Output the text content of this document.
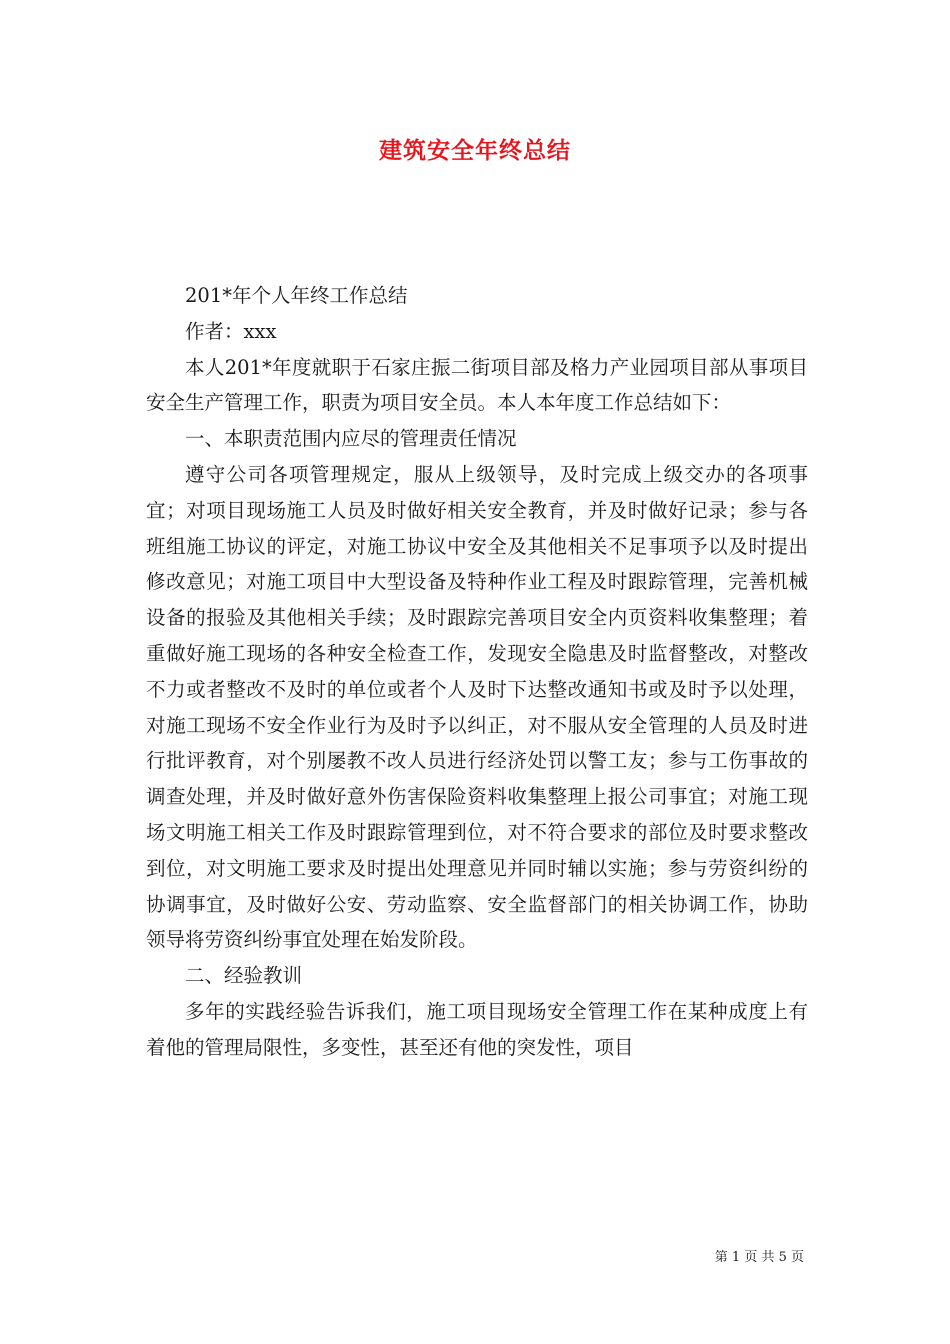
建筑安全年终总结

201*年个人年终工作总结

作者：xxx

本人201*年度就职于石家庄振二街项目部及格力产业园项目部从事项目安全生产管理工作，职责为项目安全员。本人本年度工作总结如下：

一、本职责范围内应尽的管理责任情况

遵守公司各项管理规定，服从上级领导，及时完成上级交办的各项事宜；对项目现场施工人员及时做好相关安全教育，并及时做好记录；参与各班组施工协议的评定，对施工协议中安全及其他相关不足事项予以及时提出修改意见；对施工项目中大型设备及特种作业工程及时跟踪管理，完善机械设备的报验及其他相关手续；及时跟踪完善项目安全内页资料收集整理；着重做好施工现场的各种安全检查工作，发现安全隐患及时监督整改，对整改不力或者整改不及时的单位或者个人及时下达整改通知书或及时予以处理，对施工现场不安全作业行为及时予以纠正，对不服从安全管理的人员及时进行批评教育，对个别屡教不改人员进行经济处罚以警工友；参与工伤事故的调查处理，并及时做好意外伤害保险资料收集整理上报公司事宜；对施工现场文明施工相关工作及时跟踪管理到位，对不符合要求的部位及时要求整改到位，对文明施工要求及时提出处理意见并同时辅以实施；参与劳资纠纷的协调事宜，及时做好公安、劳动监察、安全监督部门的相关协调工作，协助领导将劳资纠纷事宜处理在始发阶段。

二、经验教训

多年的实践经验告诉我们，施工项目现场安全管理工作在某种成度上有着他的管理局限性，多变性，甚至还有他的突发性，项目

第 1 页 共 5 页
